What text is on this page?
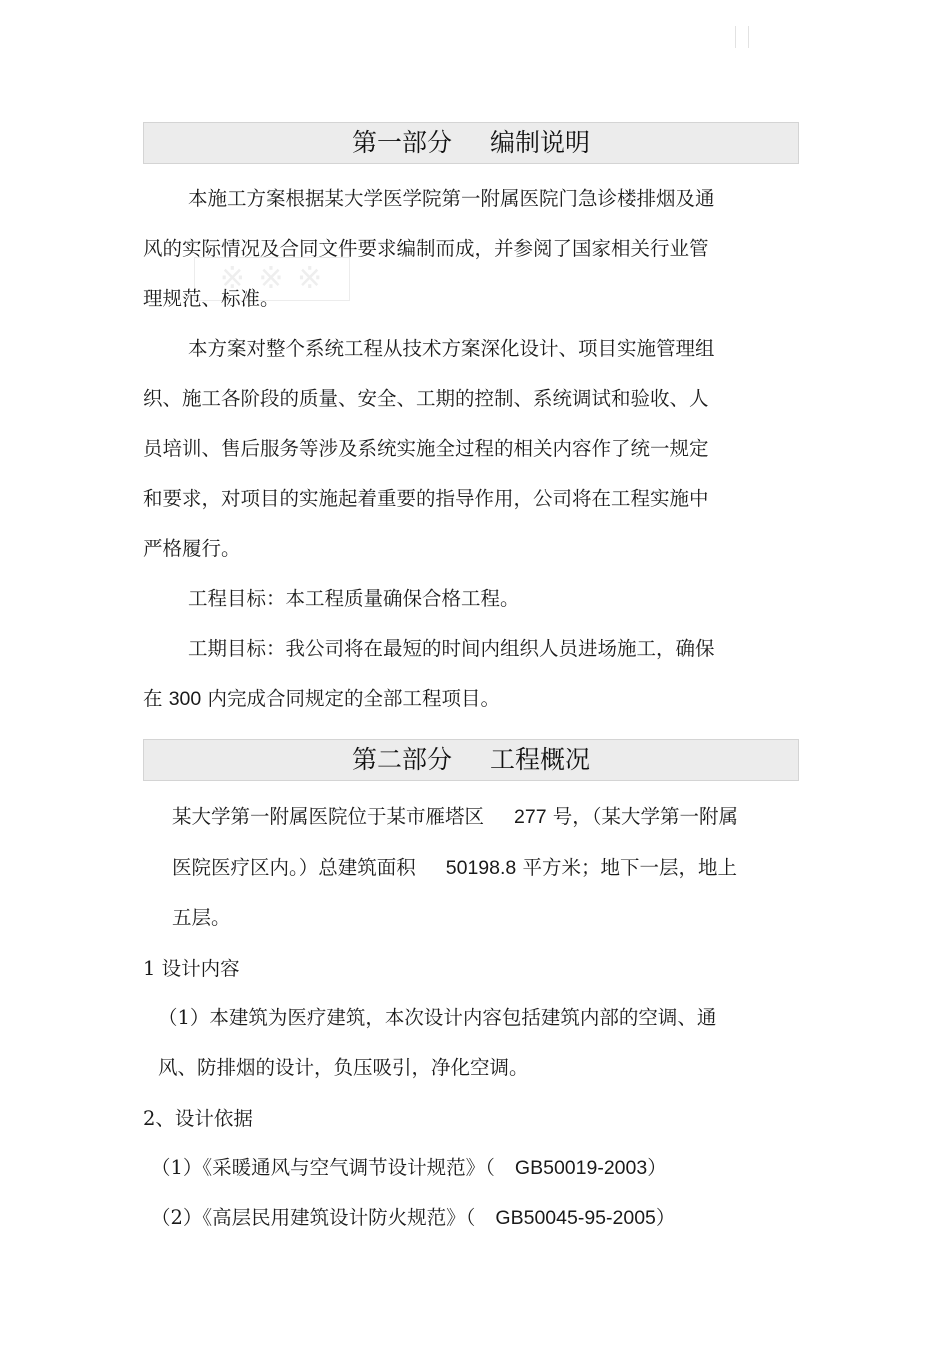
※ ※ ※
第一部分 编制说明
本施工方案根据某大学医学院第一附属医院门急诊楼排烟及通
风的实际情况及合同文件要求编制而成，并参阅了国家相关行业管
理规范、标准。
本方案对整个系统工程从技术方案深化设计、项目实施管理组
织、施工各阶段的质量、安全、工期的控制、系统调试和验收、人
员培训、售后服务等涉及系统实施全过程的相关内容作了统一规定
和要求，对项目的实施起着重要的指导作用，公司将在工程实施中
严格履行。
工程目标：本工程质量确保合格工程。
工期目标：我公司将在最短的时间内组织人员进场施工，确保
在 300 内完成合同规定的全部工程项目。
第二部分 工程概况
某大学第一附属医院位于某市雁塔区 277 号，（某大学第一附属
医院医疗区内。）总建筑面积 50198.8 平方米；地下一层，地上
五层。
1 设计内容
（1）本建筑为医疗建筑，本次设计内容包括建筑内部的空调、通
风、防排烟的设计，负压吸引，净化空调。
2、设计依据
（1）《采暖通风与空气调节设计规范》（ GB50019-2003）
（2）《高层民用建筑设计防火规范》（ GB50045-95-2005）
